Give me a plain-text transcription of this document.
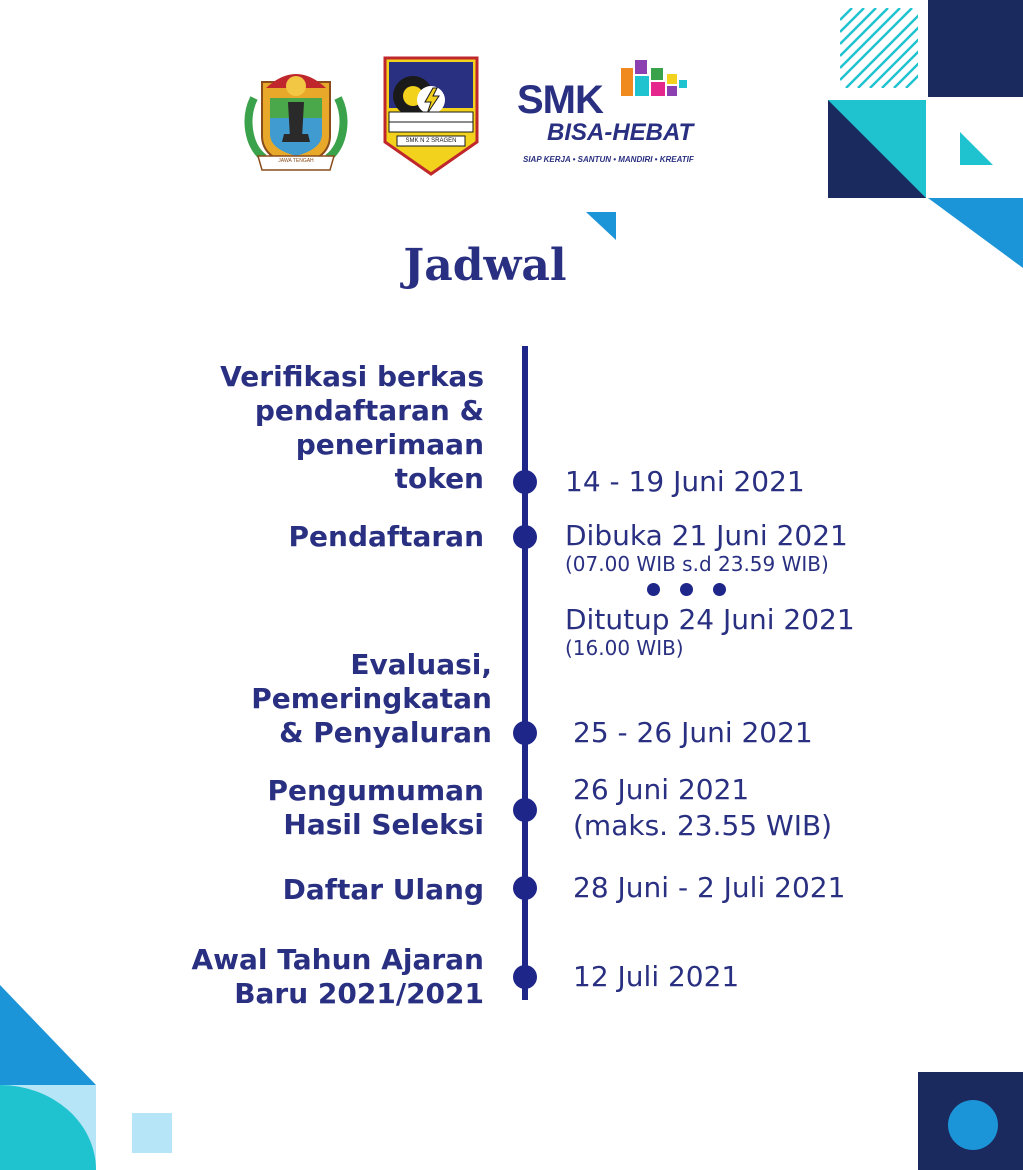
JAWA TENGAH
SMK N 2 SRAGEN
SMK
BISA-HEBAT
SIAP KERJA • SANTUN • MANDIRI • KREATIF
Jadwal
Verifikasi berkas
pendaftaran &
penerimaan
token	14 - 19 Juni 2021
Pendaftaran	Dibuka 21 Juni 2021
(07.00 WIB s.d 23.59 WIB)
Ditutup 24 Juni 2021
(16.00 WIB)
Evaluasi,
Pemeringkatan
& Penyaluran	25 - 26 Juni 2021
Pengumuman
Hasil Seleksi
26 Juni 2021
(maks. 23.55 WIB)
Daftar Ulang	28 Juni - 2 Juli 2021
Awal Tahun Ajaran
Baru 2021/2021
12 Juli 2021
